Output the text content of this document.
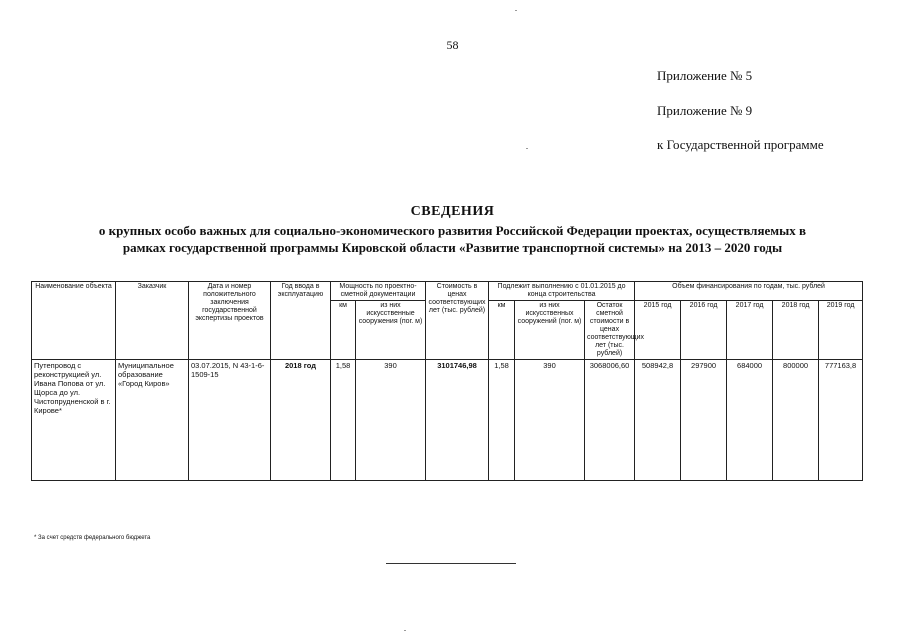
58
Приложение № 5
Приложение № 9
к Государственной программе
СВЕДЕНИЯ
о крупных особо важных для социально-экономического развития Российской Федерации проектах, осуществляемых в
рамках государственной программы Кировской области «Развитие транспортной системы» на 2013 – 2020 годы
Наименование объекта	Заказчик	Дата и номер положительного заключения государственной экспертизы проектов	Год ввода в эксплуатацию	Мощность по проектно-сметной документации		Стоимость в ценах соответствующих лет (тыс. рублей)	Подлежит выполнению с 01.01.2015 до конца строительства			Объем финансирования по годам, тыс. рублей				
				км	из них искусственные сооружения (пог. м)		км	из них искусственных сооружений (пог. м)	Остаток сметной стоимости в ценах соответствующих лет (тыс. рублей)	2015 год	2016 год	2017 год	2018 год	2019 год
Путепровод с реконструкцией ул. Ивана Попова от ул. Щорса до ул. Чистопрудненской в г. Кирове*	Муниципальное образование «Город Киров»	03.07.2015, N 43-1-6-1509-15	2018 год	1,58	390	3101746,98	1,58	390	3068006,60	508942,8	297900	684000	800000	777163,8
* За счет средств федерального бюджета
